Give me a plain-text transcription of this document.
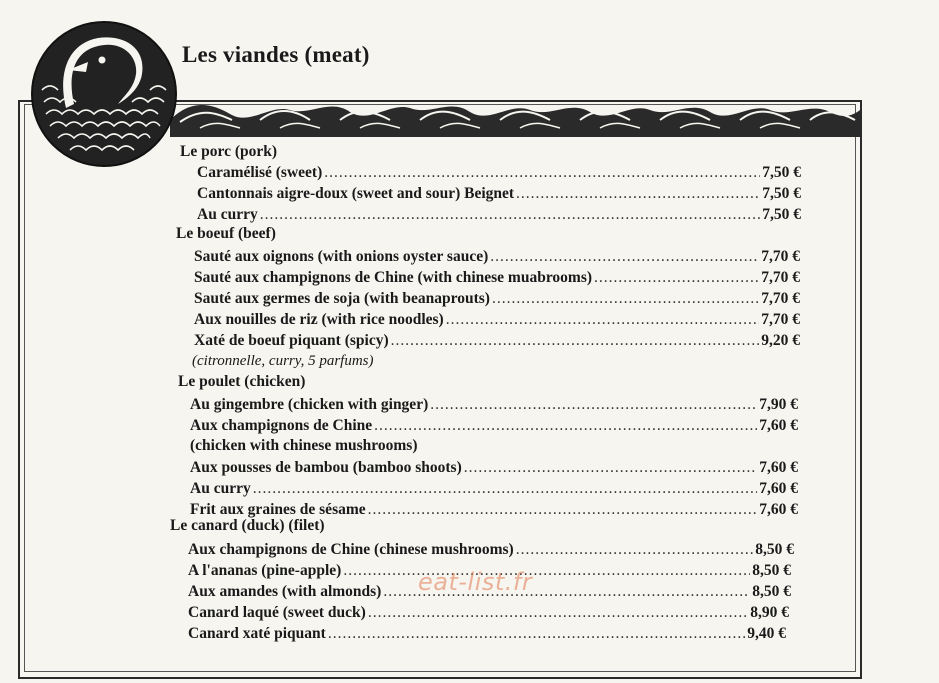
Les viandes (meat)
Le porc (pork)
Caramélisé (sweet) .....	7,50 €
Cantonnais aigre-doux (sweet and sour) Beignet .....	7,50 €
Au curry .....	7,50 €
Le boeuf (beef)
Sauté aux oignons (with onions oyster sauce) .....	7,70 €
Sauté aux champignons de Chine (with chinese muabrooms) .....	7,70 €
Sauté aux germes de soja (with beanaprouts) .....	7,70 €
Aux nouilles de riz (with rice noodles) .....	7,70 €
Xaté de boeuf piquant (spicy) .....	9,20 €
(citronnelle, curry, 5 parfums)
Le poulet (chicken)
Au gingembre (chicken with ginger) .....	7,90 €
Aux champignons de Chine .....	7,60 €
(chicken with chinese mushrooms)
Aux pousses de bambou (bamboo shoots) .....	7,60 €
Au curry .....	7,60 €
Frit aux graines de sésame .....	7,60 €
Le canard (duck) (filet)
Aux champignons de Chine (chinese mushrooms) .....	8,50 €
A l'ananas (pine-apple) .....	8,50 €
Aux amandes (with almonds) .....	8,50 €
Canard laqué (sweet duck) .....	8,90 €
Canard xaté piquant .....	9,40 €
eat-list.fr
